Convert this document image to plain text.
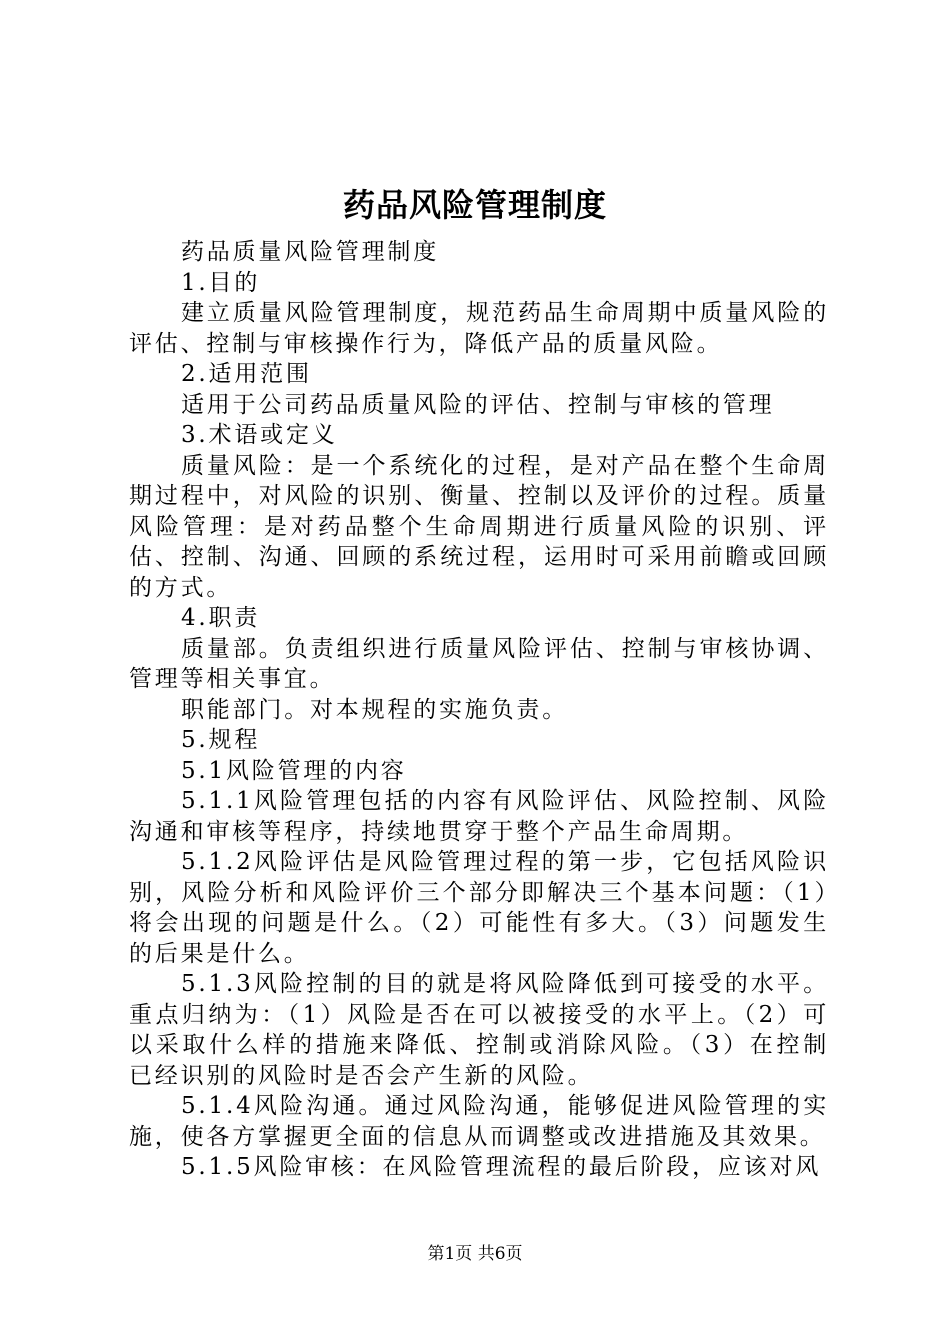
药品风险管理制度

药品质量风险管理制度

1.目的

建立质量风险管理制度，规范药品生命周期中质量风险的评估、控制与审核操作行为，降低产品的质量风险。

2.适用范围

适用于公司药品质量风险的评估、控制与审核的管理

3.术语或定义

质量风险：是一个系统化的过程，是对产品在整个生命周期过程中，对风险的识别、衡量、控制以及评价的过程。质量风险管理：是对药品整个生命周期进行质量风险的识别、评估、控制、沟通、回顾的系统过程，运用时可采用前瞻或回顾的方式。

4.职责

质量部。负责组织进行质量风险评估、控制与审核协调、管理等相关事宜。

职能部门。对本规程的实施负责。

5.规程

5.1风险管理的内容

5.1.1风险管理包括的内容有风险评估、风险控制、风险沟通和审核等程序，持续地贯穿于整个产品生命周期。

5.1.2风险评估是风险管理过程的第一步，它包括风险识别，风险分析和风险评价三个部分即解决三个基本问题：（1）将会出现的问题是什么。（2）可能性有多大。（3）问题发生的后果是什么。

5.1.3风险控制的目的就是将风险降低到可接受的水平。重点归纳为：（1）风险是否在可以被接受的水平上。（2）可以采取什么样的措施来降低、控制或消除风险。（3）在控制已经识别的风险时是否会产生新的风险。

5.1.4风险沟通。通过风险沟通，能够促进风险管理的实施，使各方掌握更全面的信息从而调整或改进措施及其效果。

5.1.5风险审核：在风险管理流程的最后阶段，应该对风

第1页 共6页
